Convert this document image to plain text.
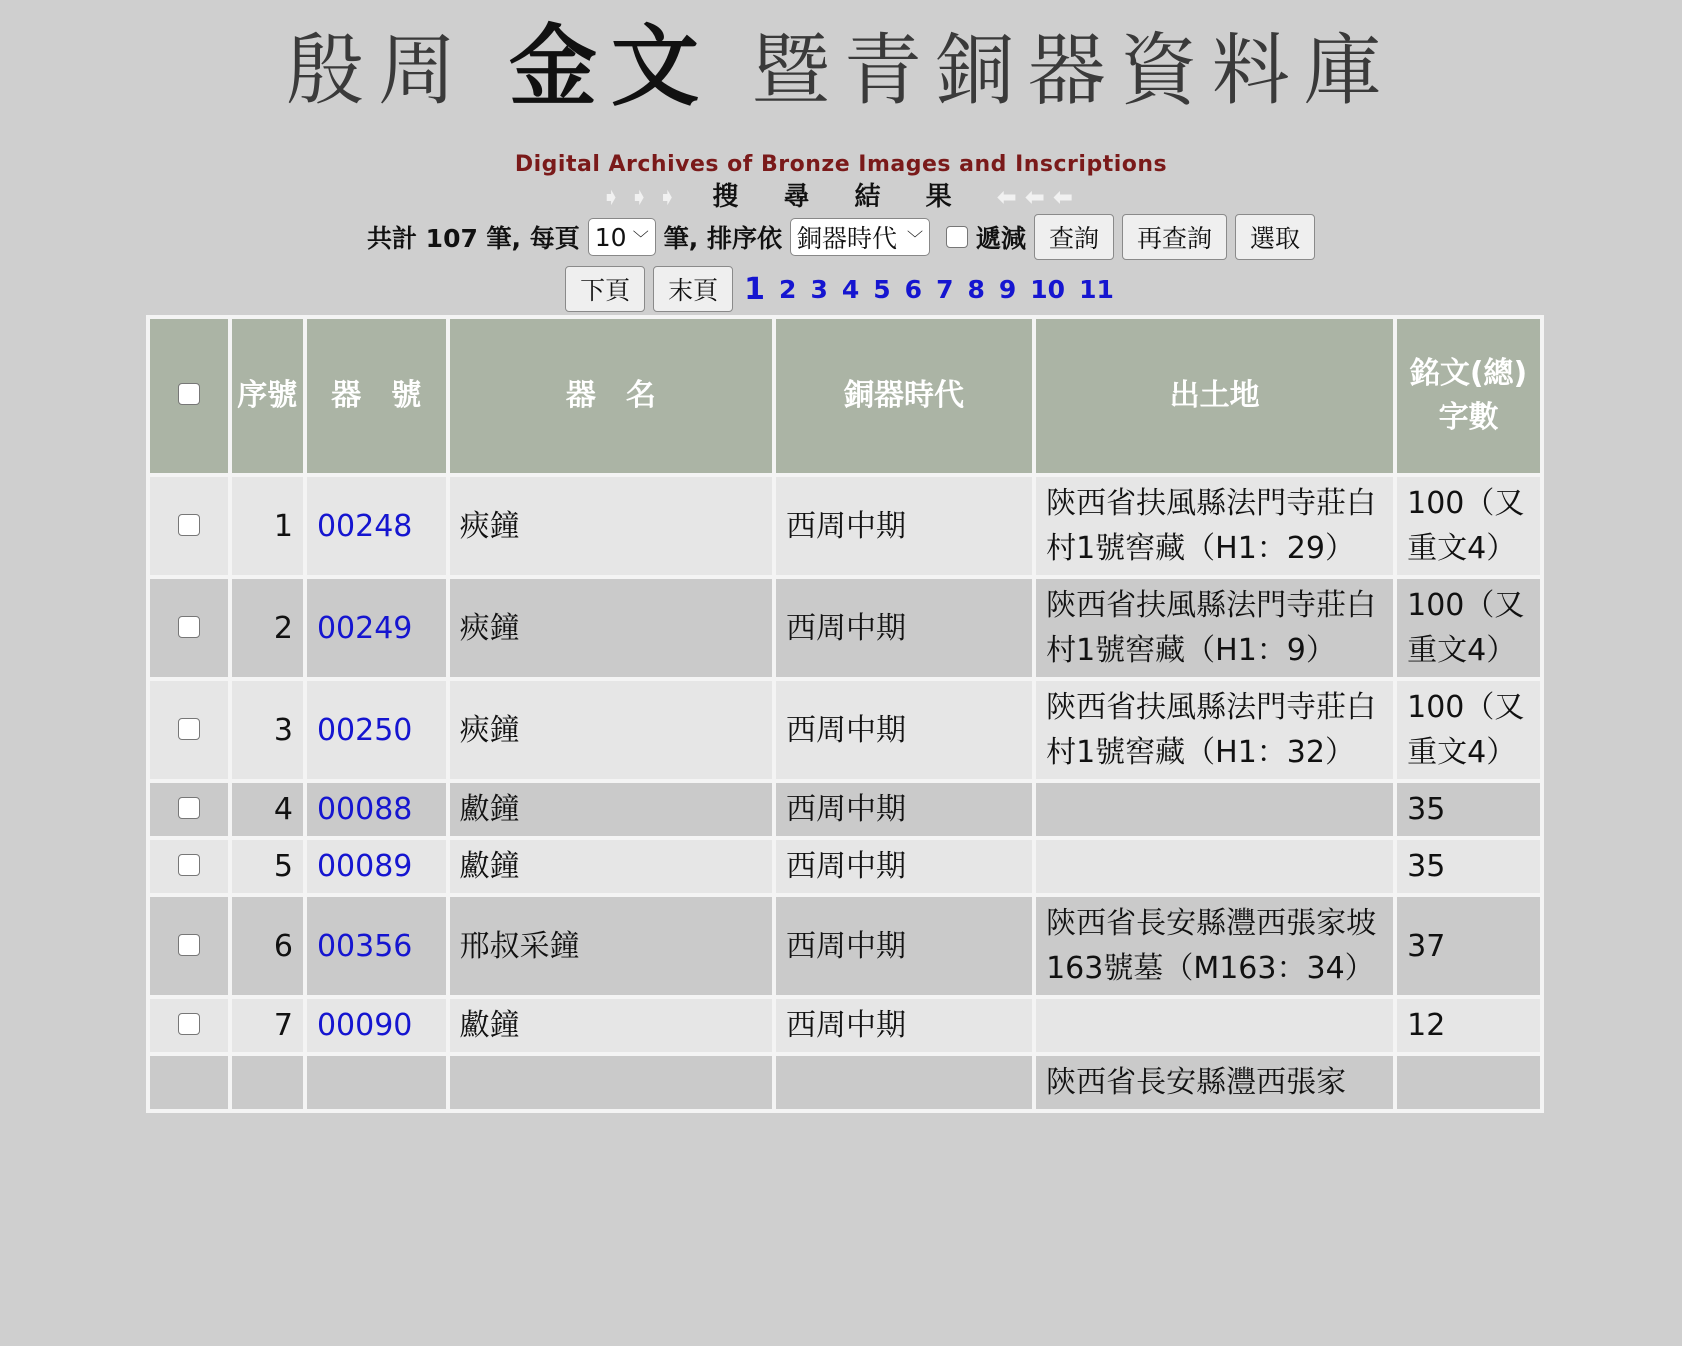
殷周 金文 暨青銅器資料庫
Digital Archives of Bronze Images and Inscriptions
➧➧➧ 搜 尋 結 果 ⬅⬅⬅
共計 107 筆, 每頁 10 ﹀ 筆, 排序依 銅器時代 ﹀ 遞減 查詢	再查詢	選取
下頁	末頁 1 2 3 4 5 6 7 8 9 10 11
	序號	器　號	器　名	銅器時代	出土地	銘文(總)字數
	1	00248	㾜鐘	西周中期	陝西省扶風縣法門寺莊白村1號窖藏（H1：29）	100（又重文4）
	2	00249	㾜鐘	西周中期	陝西省扶風縣法門寺莊白村1號窖藏（H1：9）	100（又重文4）
	3	00250	㾜鐘	西周中期	陝西省扶風縣法門寺莊白村1號窖藏（H1：32）	100（又重文4）
	4	00088	䱷鐘	西周中期		35
	5	00089	䱷鐘	西周中期		35
	6	00356	邢叔采鐘	西周中期	陝西省長安縣灃西張家坡163號墓（M163：34）	37
	7	00090	䱷鐘	西周中期		12
					陝西省長安縣灃西張家	
